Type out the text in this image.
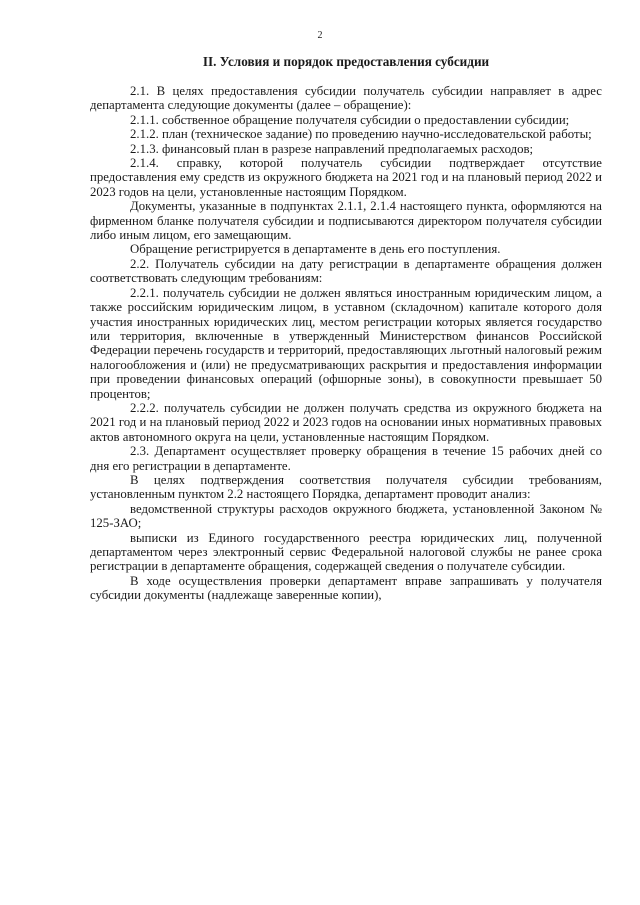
2
II. Условия и порядок предоставления субсидии

2.1. В целях предоставления субсидии получатель субсидии направляет в адрес департамента следующие документы (далее – обращение):

2.1.1. собственное обращение получателя субсидии о предоставлении субсидии;

2.1.2. план (техническое задание) по проведению научно-исследовательской работы;

2.1.3. финансовый план в разрезе направлений предполагаемых расходов;

2.1.4. справку, которой получатель субсидии подтверждает отсутствие предоставления ему средств из окружного бюджета на 2021 год и на плановый период 2022 и 2023 годов на цели, установленные настоящим Порядком.

Документы, указанные в подпунктах 2.1.1, 2.1.4 настоящего пункта, оформляются на фирменном бланке получателя субсидии и подписываются директором получателя субсидии либо иным лицом, его замещающим.

Обращение регистрируется в департаменте в день его поступления.

2.2. Получатель субсидии на дату регистрации в департаменте обращения должен соответствовать следующим требованиям:

2.2.1. получатель субсидии не должен являться иностранным юридическим лицом, а также российским юридическим лицом, в уставном (складочном) капитале которого доля участия иностранных юридических лиц, местом регистрации которых является государство или территория, включенные в утвержденный Министерством финансов Российской Федерации перечень государств и территорий, предоставляющих льготный налоговый режим налогообложения и (или) не предусматривающих раскрытия и предоставления информации при проведении финансовых операций (офшорные зоны), в совокупности превышает 50 процентов;

2.2.2. получатель субсидии не должен получать средства из окружного бюджета на 2021 год и на плановый период 2022 и 2023 годов на основании иных нормативных правовых актов автономного округа на цели, установленные настоящим Порядком.

2.3. Департамент осуществляет проверку обращения в течение 15 рабочих дней со дня его регистрации в департаменте.

В целях подтверждения соответствия получателя субсидии требованиям, установленным пунктом 2.2 настоящего Порядка, департамент проводит анализ:

ведомственной структуры расходов окружного бюджета, установленной Законом № 125-ЗАО;

выписки из Единого государственного реестра юридических лиц, полученной департаментом через электронный сервис Федеральной налоговой службы не ранее срока регистрации в департаменте обращения, содержащей сведения о получателе субсидии.

В ходе осуществления проверки департамент вправе запрашивать у получателя субсидии документы (надлежаще заверенные копии),
